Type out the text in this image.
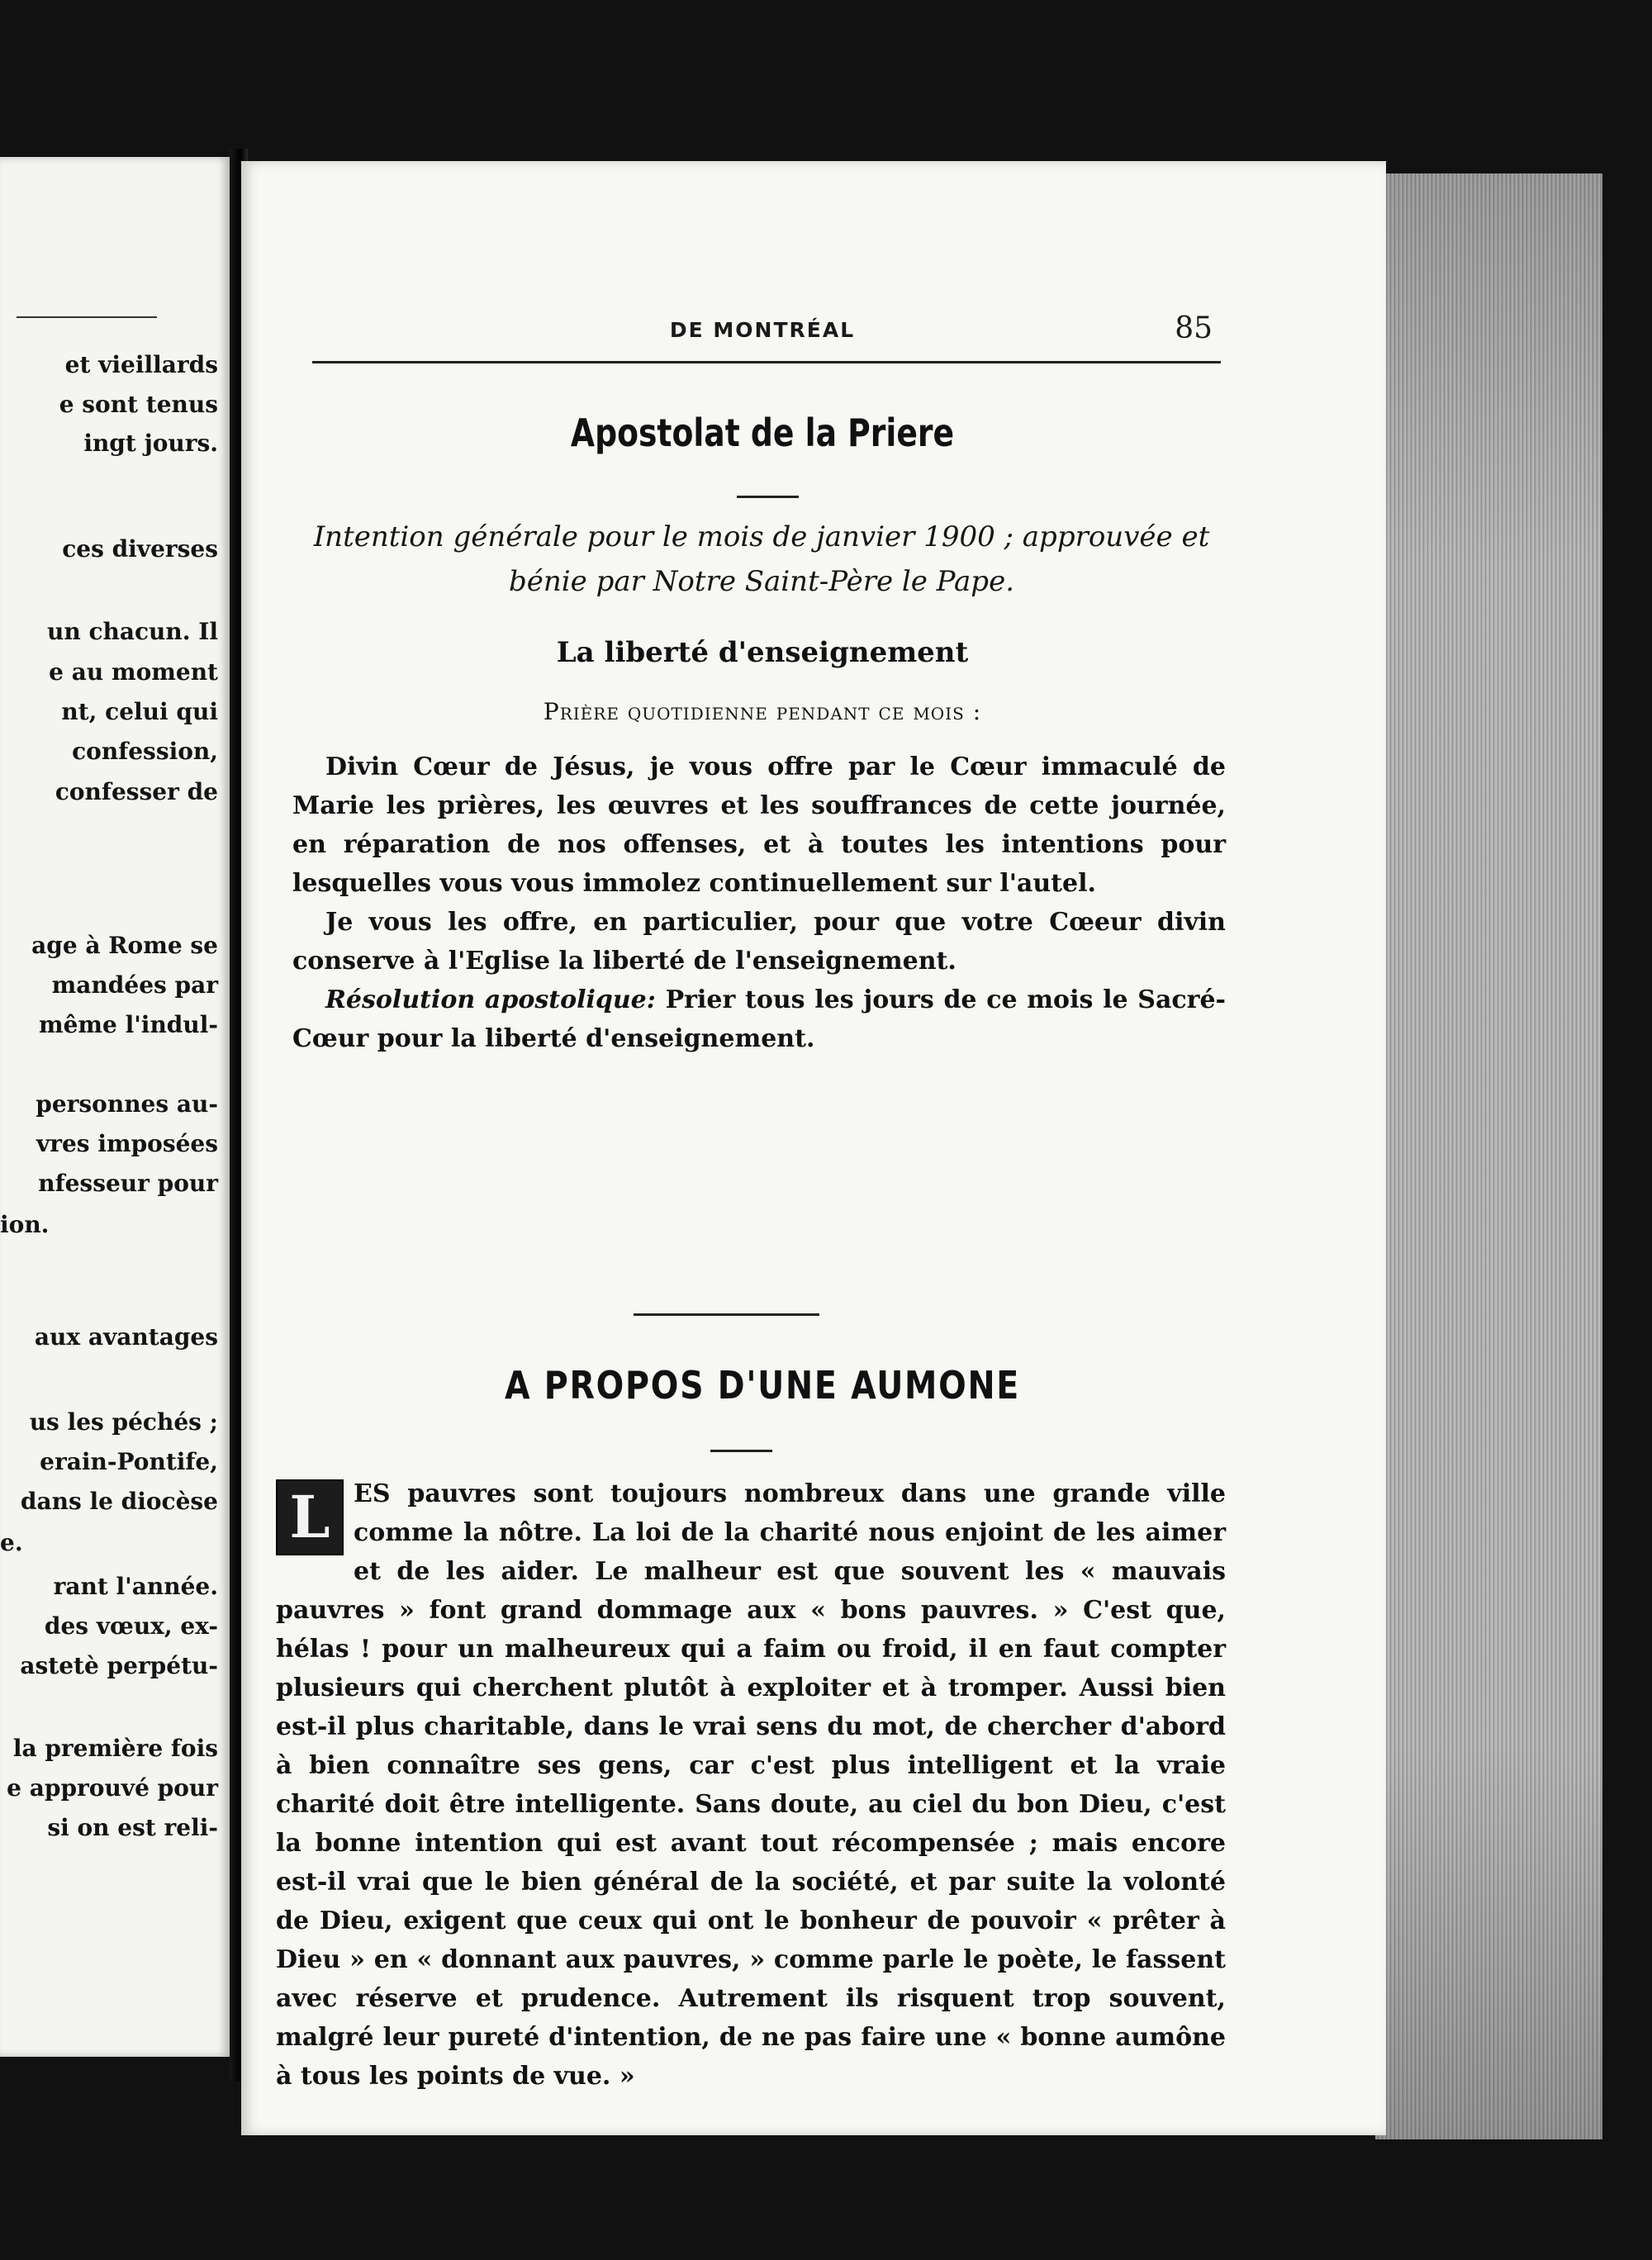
et vieillards
e sont tenus
ingt jours.
ces diverses
un chacun. Il
e au moment
nt, celui qui
confession,
confesser de
age à Rome se
mandées par
même l'indul-
personnes au-
vres imposées
nfesseur pour
ion.
aux avantages
us les péchés ;
erain-Pontife,
dans le diocèse
e.
rant l'année.
des vœux, ex-
astetè perpétu-
la première fois
e approuvé pour
si on est reli-
DE MONTRÉAL	85
Apostolat de la Priere
Intention générale pour le mois de janvier 1900 ; approuvée et bénie par Notre Saint-Père le Pape.
La liberté d'enseignement
Prière quotidienne pendant ce mois :

Divin Cœur de Jésus, je vous offre par le Cœur immaculé de Marie les prières, les œuvres et les souffrances de cette journée, en réparation de nos offenses, et à toutes les intentions pour lesquelles vous vous immolez continuellement sur l'autel.

Je vous les offre, en particulier, pour que votre Cœeur divin conserve à l'Eglise la liberté de l'enseignement.

Résolution apostolique: Prier tous les jours de ce mois le Sacré-Cœur pour la liberté d'enseignement.

A PROPOS D'UNE AUMONE
L ES pauvres sont toujours nombreux dans une grande ville comme la nôtre. La loi de la charité nous enjoint de les aimer et de les aider. Le malheur est que souvent les « mauvais pauvres » font grand dommage aux « bons pauvres. » C'est que, hélas ! pour un malheureux qui a faim ou froid, il en faut compter plusieurs qui cherchent plutôt à exploiter et à tromper. Aussi bien est-il plus charitable, dans le vrai sens du mot, de chercher d'abord à bien connaître ses gens, car c'est plus intelligent et la vraie charité doit être intelligente. Sans doute, au ciel du bon Dieu, c'est la bonne intention qui est avant tout récompensée ; mais encore est-il vrai que le bien général de la société, et par suite la volonté de Dieu, exigent que ceux qui ont le bonheur de pouvoir « prêter à Dieu » en « donnant aux pauvres, » comme parle le poète, le fassent avec réserve et prudence. Autrement ils risquent trop souvent, malgré leur pureté d'intention, de ne pas faire une « bonne aumône à tous les points de vue. »
